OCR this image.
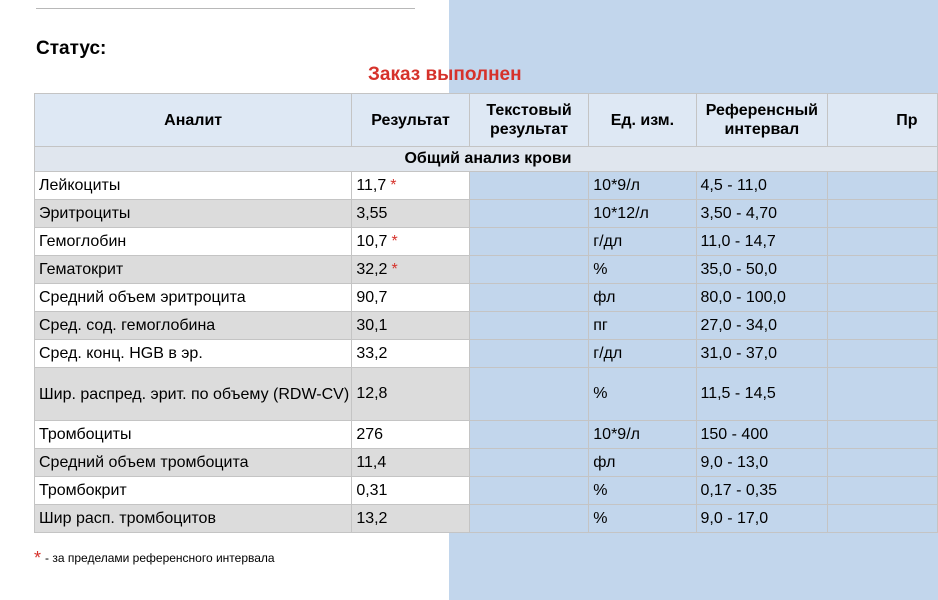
Статус:
Заказ выполнен
Аналит	Результат	Текстовый результат	Ед. изм.	Референсный интервал	Пр
Общий анализ крови					
Лейкоциты	11,7 *		10*9/л	4,5 - 11,0	
Эритроциты	3,55		10*12/л	3,50 - 4,70	
Гемоглобин	10,7 *		г/дл	11,0 - 14,7	
Гематокрит	32,2 *		%	35,0 - 50,0	
Средний объем эритроцита	90,7		фл	80,0 - 100,0	
Сред. сод. гемоглобина	30,1		пг	27,0 - 34,0	
Сред. конц. HGB в эр.	33,2		г/дл	31,0 - 37,0	
Шир. распред. эрит. по объему (RDW-CV)	12,8		%	11,5 - 14,5	
Тромбоциты	276		10*9/л	150 - 400	
Средний объем тромбоцита	11,4		фл	9,0 - 13,0	
Тромбокрит	0,31		%	0,17 - 0,35	
Шир расп. тромбоцитов	13,2		%	9,0 - 17,0	
* - за пределами референсного интервала
